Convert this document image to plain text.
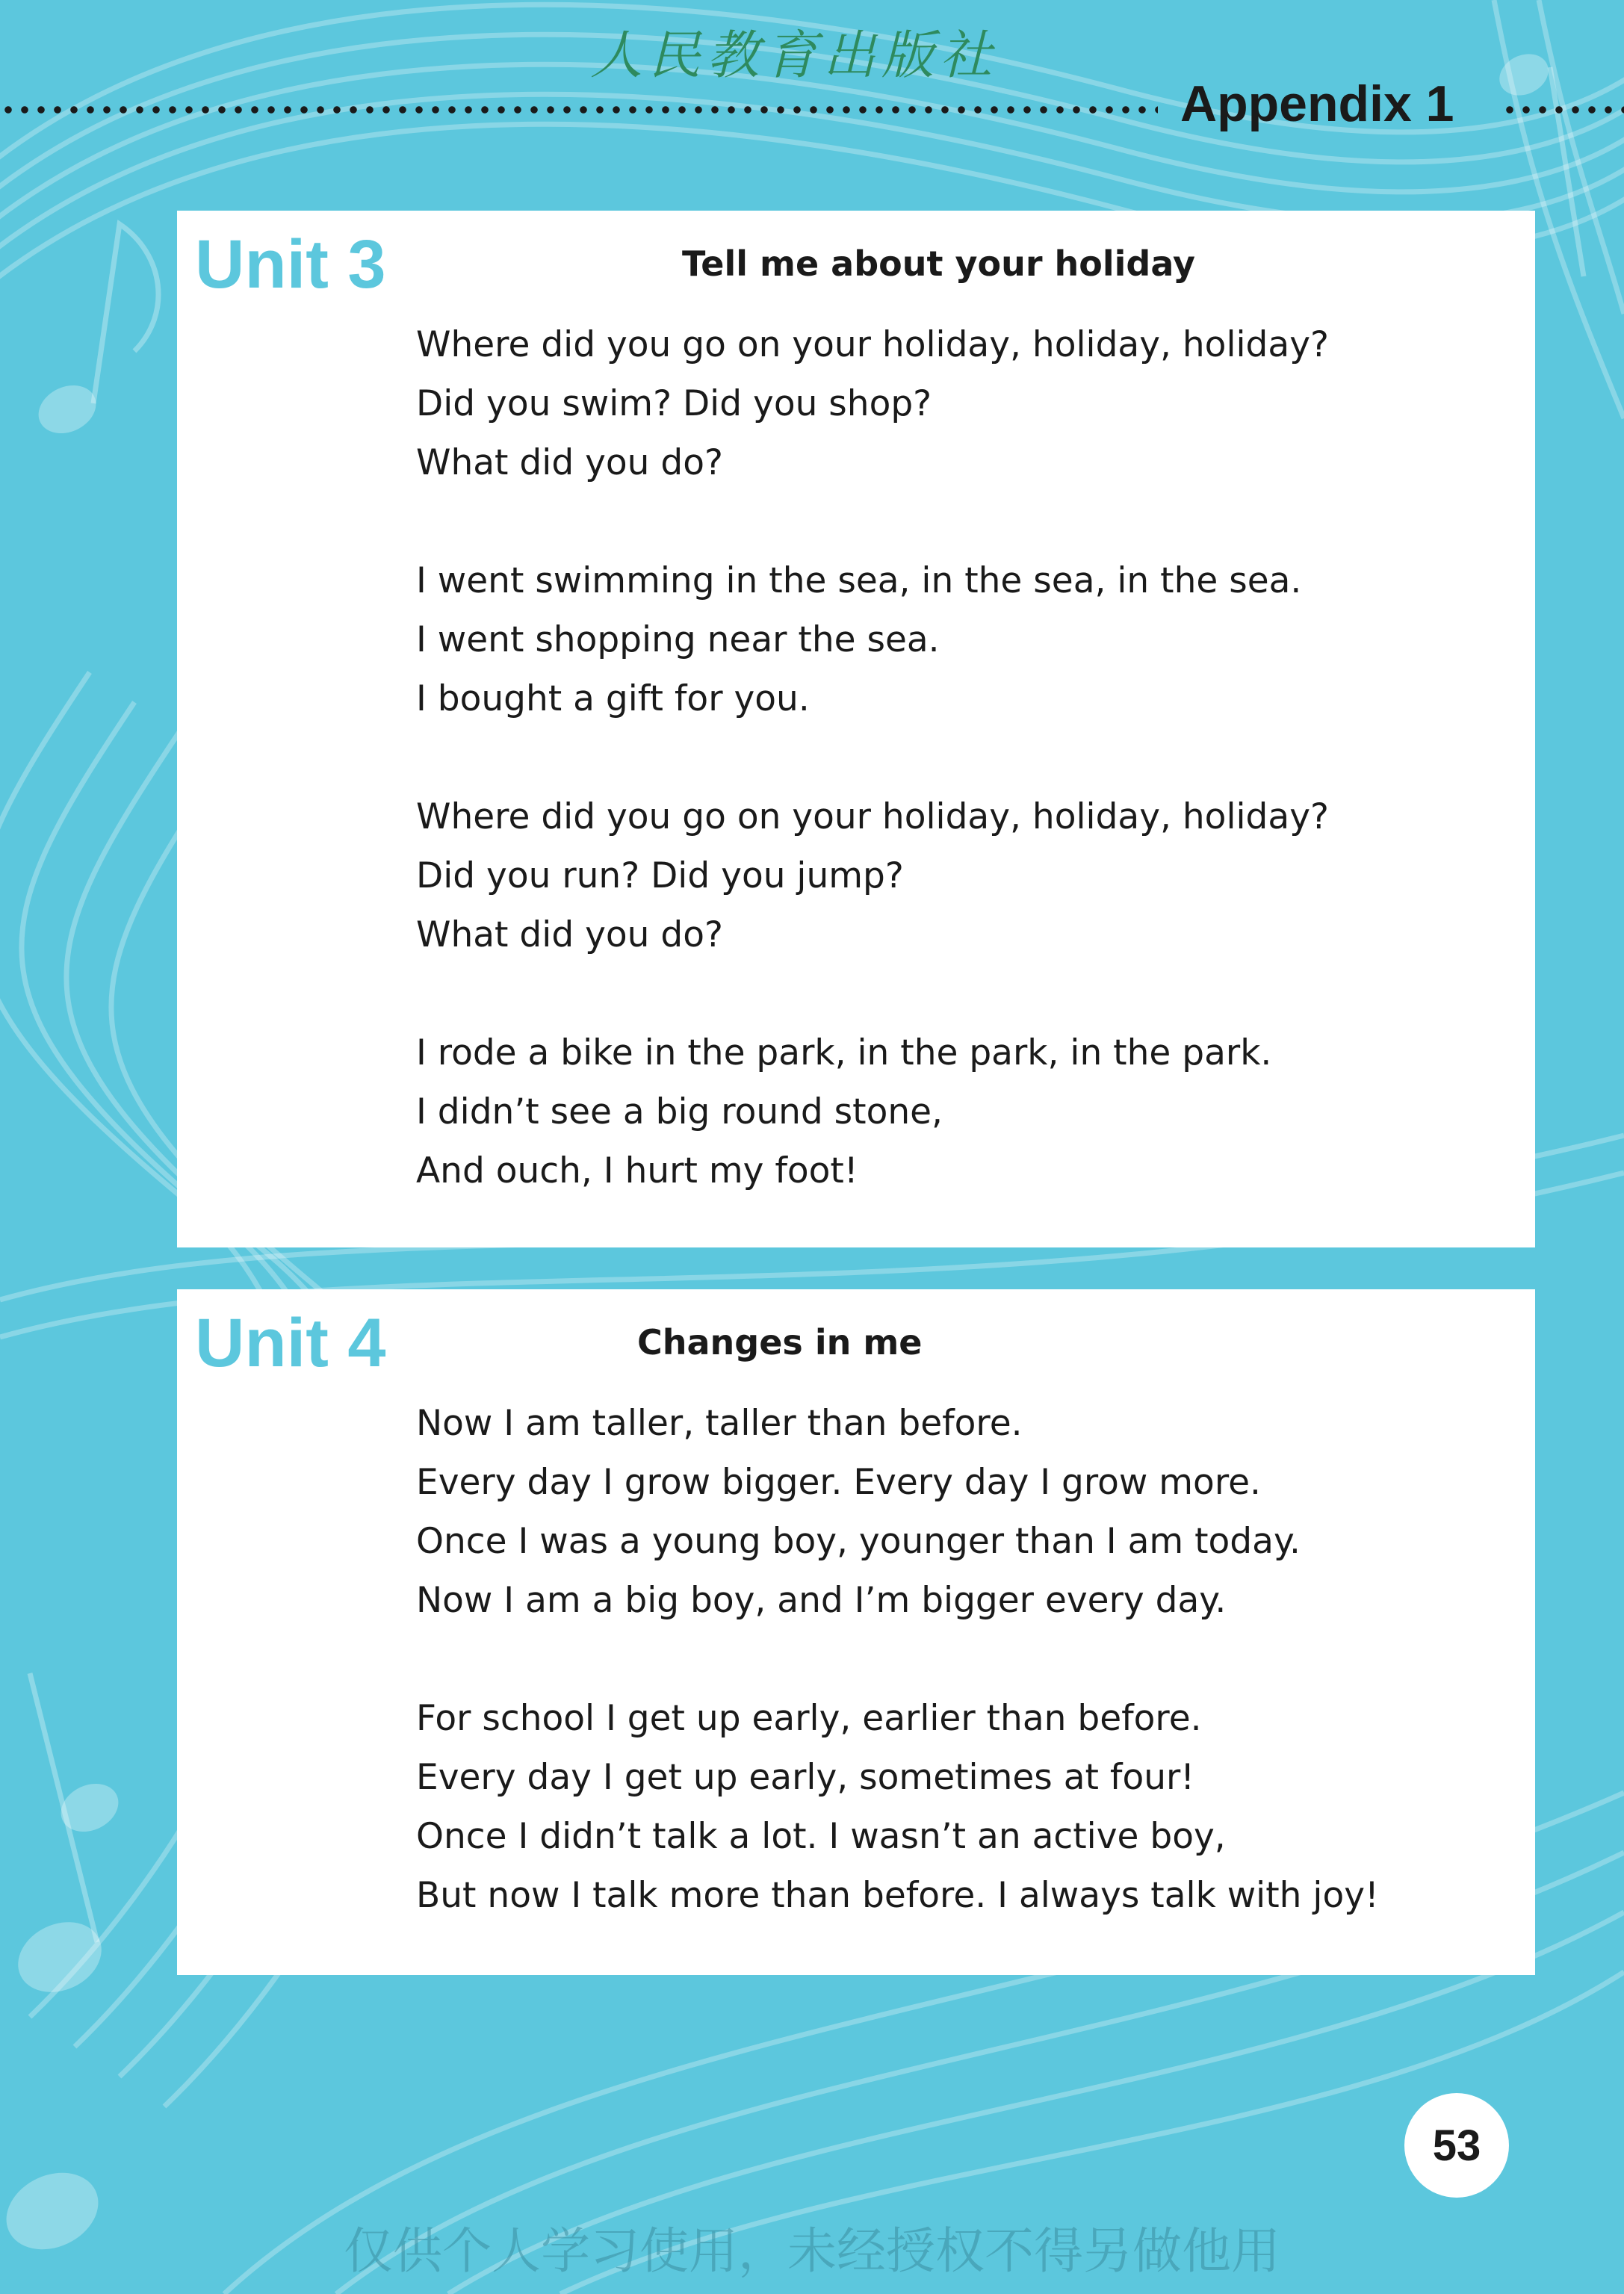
人民教育出版社
Appendix 1
Unit 3	Tell me about your holiday
Where did you go on your holiday, holiday, holiday?
Did you swim? Did you shop?
What did you do?
I went swimming in the sea, in the sea, in the sea.
I went shopping near the sea.
I bought a gift for you.
Where did you go on your holiday, holiday, holiday?
Did you run? Did you jump?
What did you do?
I rode a bike in the park, in the park, in the park.
I didn’t see a big round stone,
And ouch, I hurt my foot!
Unit 4	Changes in me
Now I am taller, taller than before.
Every day I grow bigger. Every day I grow more.
Once I was a young boy, younger than I am today.
Now I am a big boy, and I’m bigger every day.
For school I get up early, earlier than before.
Every day I get up early, sometimes at four!
Once I didn’t talk a lot. I wasn’t an active boy,
But now I talk more than before. I always talk with joy!
53
仅供个人学习使用，未经授权不得另做他用
